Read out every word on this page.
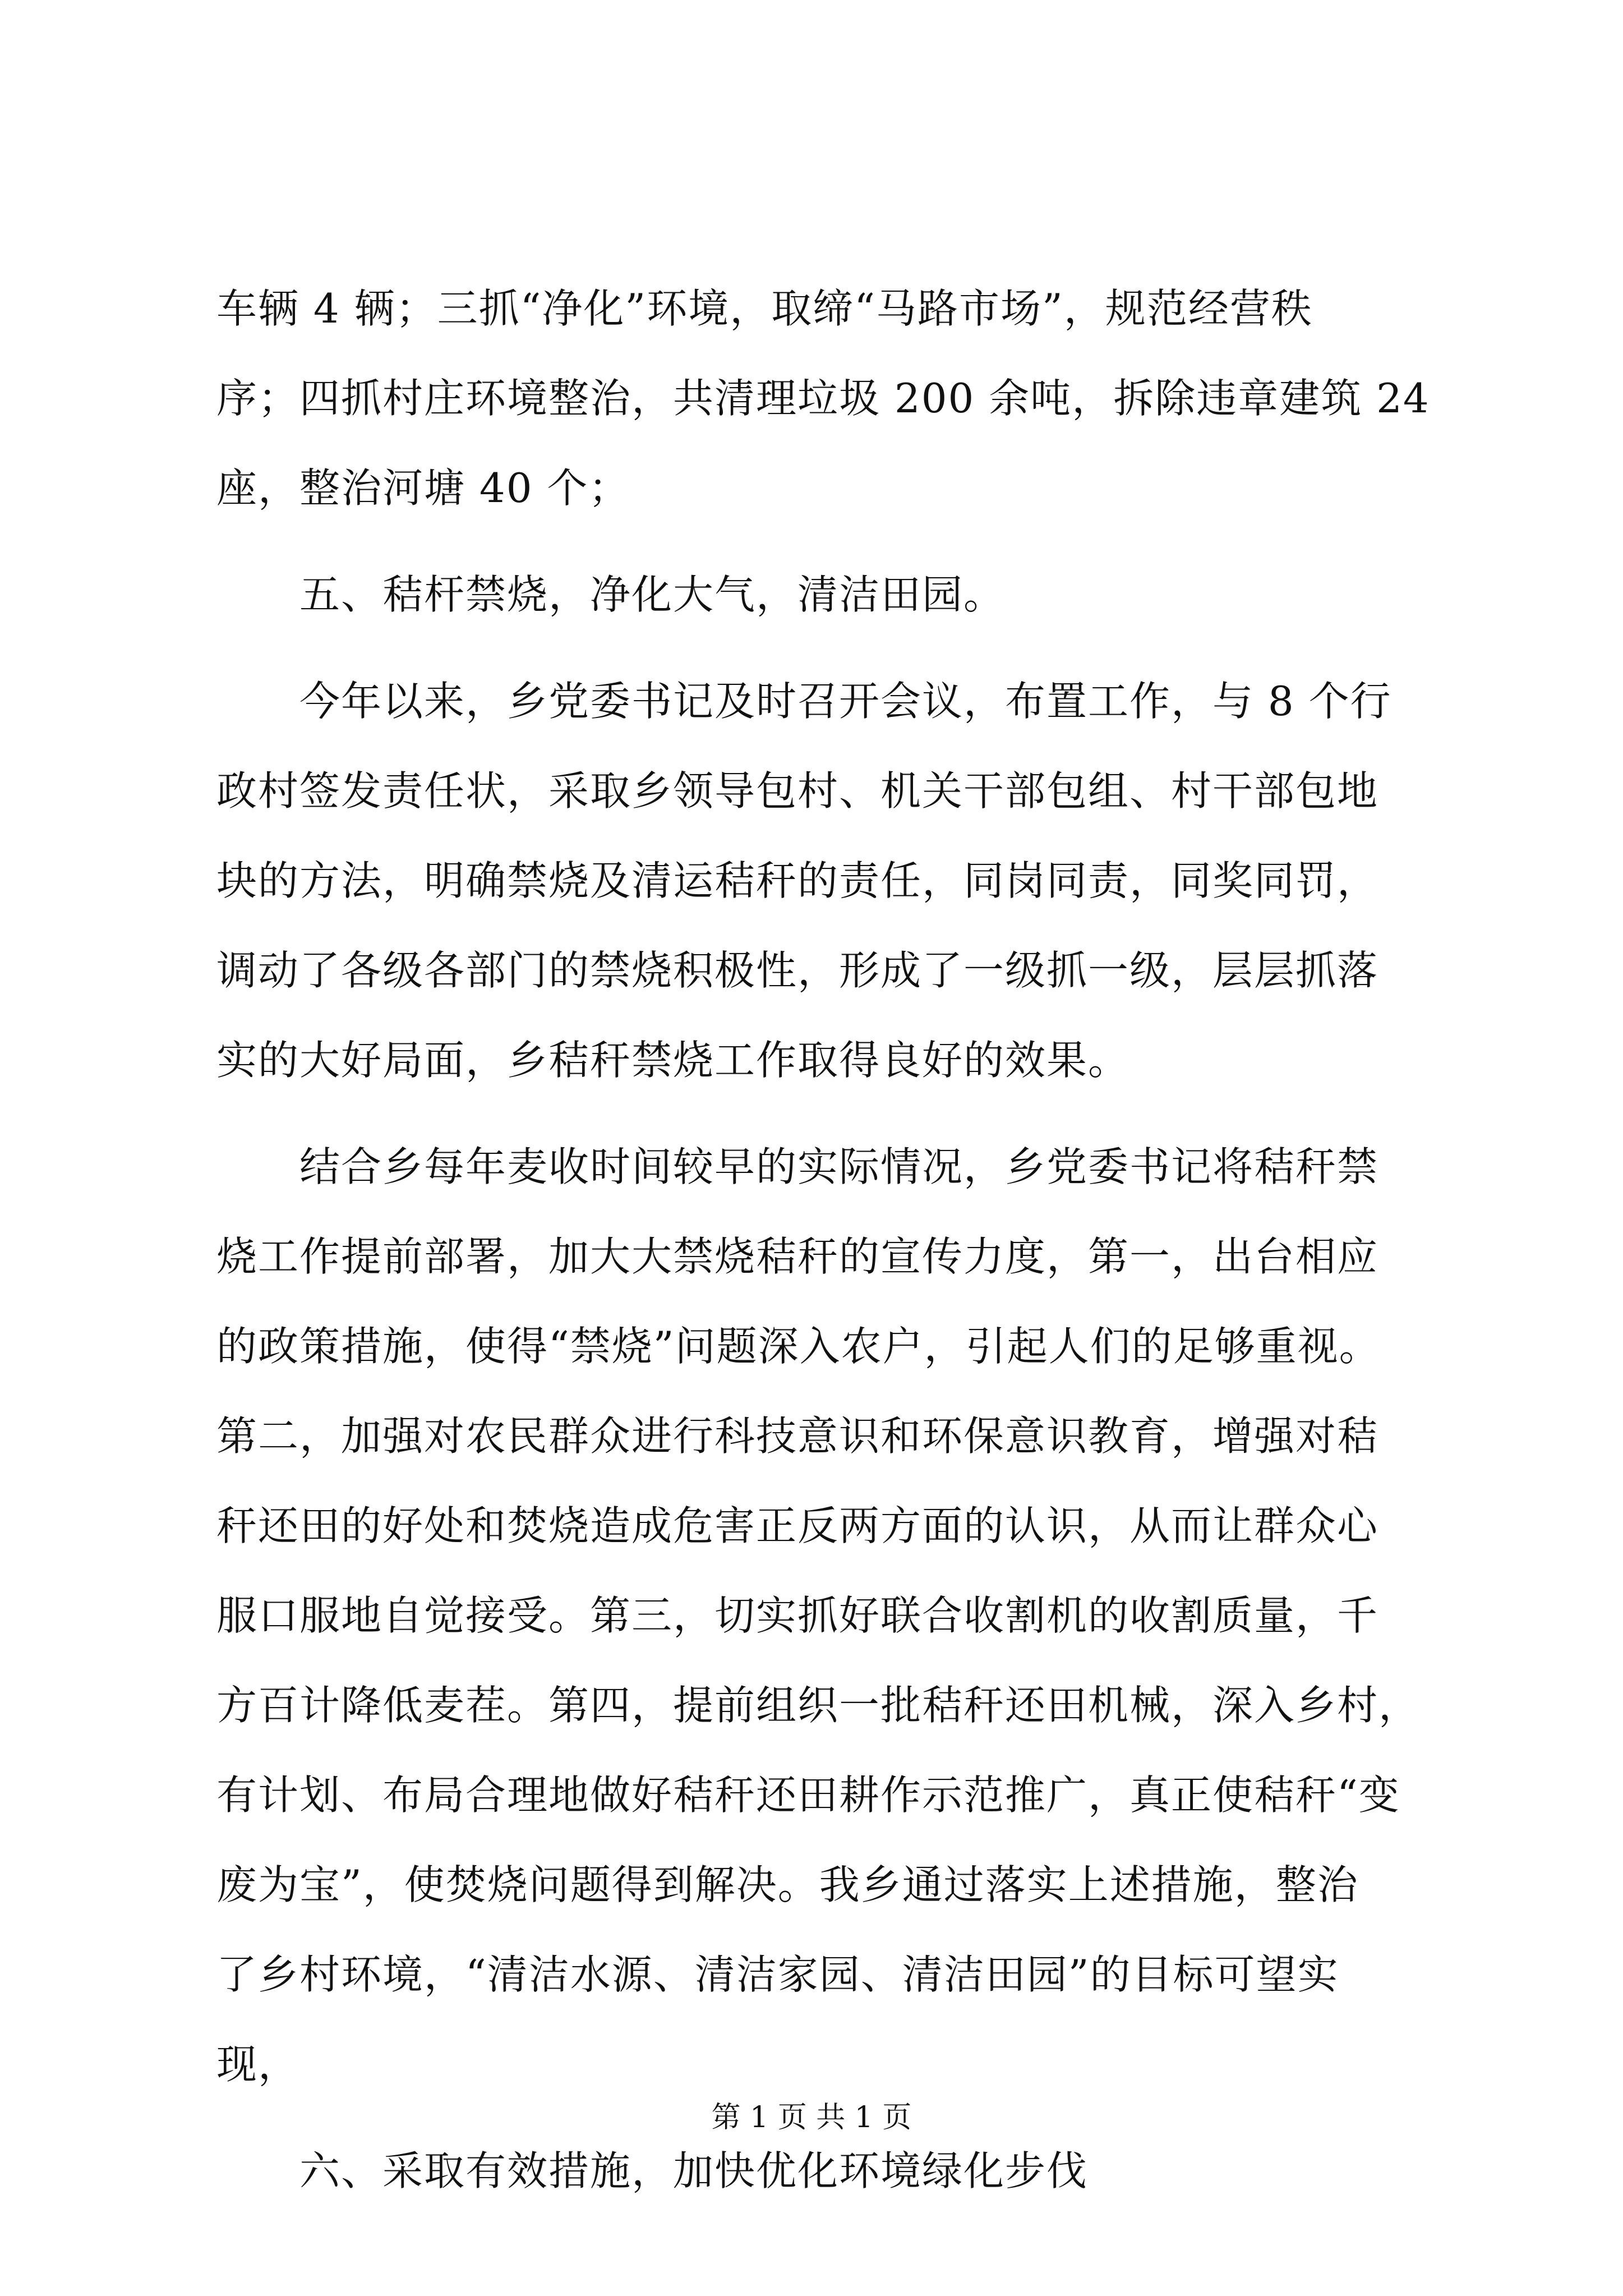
车辆 4 辆；三抓“净化”环境，取缔“马路市场”，规范经营秩
序；四抓村庄环境整治，共清理垃圾 200 余吨，拆除违章建筑 24
座，整治河塘 40 个；
五、秸杆禁烧，净化大气，清洁田园。
今年以来，乡党委书记及时召开会议，布置工作，与 8 个行
政村签发责任状，采取乡领导包村、机关干部包组、村干部包地
块的方法，明确禁烧及清运秸秆的责任，同岗同责，同奖同罚，
调动了各级各部门的禁烧积极性，形成了一级抓一级，层层抓落
实的大好局面，乡秸秆禁烧工作取得良好的效果。
结合乡每年麦收时间较早的实际情况，乡党委书记将秸秆禁
烧工作提前部署，加大大禁烧秸秆的宣传力度，第一，出台相应
的政策措施，使得“禁烧”问题深入农户，引起人们的足够重视。
第二，加强对农民群众进行科技意识和环保意识教育，增强对秸
秆还田的好处和焚烧造成危害正反两方面的认识，从而让群众心
服口服地自觉接受。第三，切实抓好联合收割机的收割质量，千
方百计降低麦茬。第四，提前组织一批秸秆还田机械，深入乡村，
有计划、布局合理地做好秸秆还田耕作示范推广，真正使秸秆“变
废为宝”，使焚烧问题得到解决。我乡通过落实上述措施，整治
了乡村环境，“清洁水源、清洁家园、清洁田园”的目标可望实
现，
六、采取有效措施，加快优化环境绿化步伐
第 1 页 共 1 页
